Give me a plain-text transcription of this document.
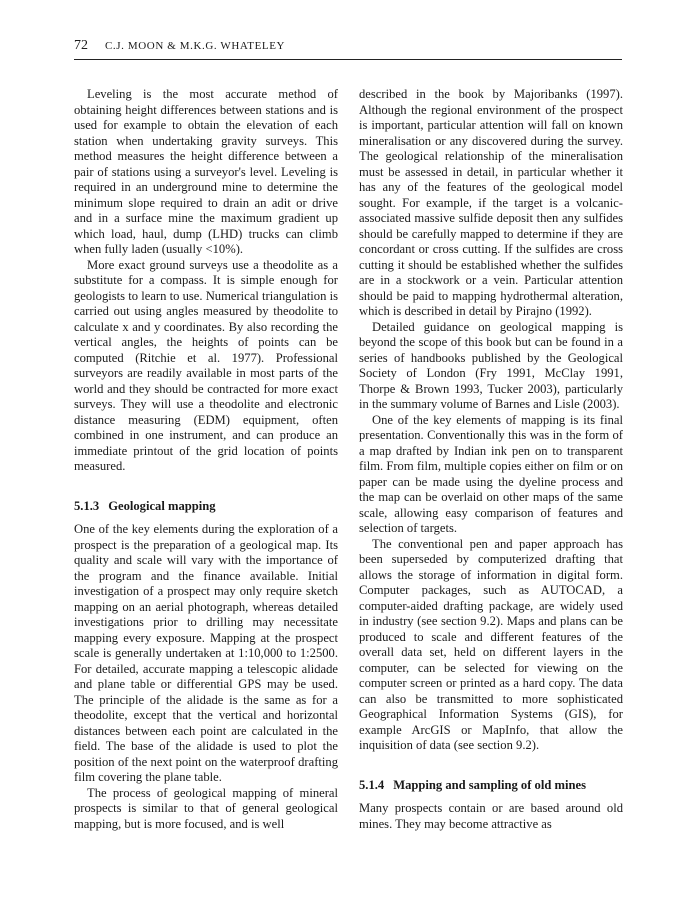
72 C.J. MOON & M.K.G. WHATELEY

Leveling is the most accurate method of obtaining height differences between stations and is used for example to obtain the elevation of each station when undertaking gravity surveys. This method measures the height difference between a pair of stations using a surveyor's level. Leveling is required in an underground mine to determine the minimum slope required to drain an adit or drive and in a surface mine the maximum gradient up which load, haul, dump (LHD) trucks can climb when fully laden (usually <10%).

More exact ground surveys use a theodolite as a substitute for a compass. It is simple enough for geologists to learn to use. Numerical triangulation is carried out using angles measured by theodolite to calculate x and y coordinates. By also recording the vertical angles, the heights of points can be computed (Ritchie et al. 1977). Professional surveyors are readily available in most parts of the world and they should be contracted for more exact surveys. They will use a theodolite and electronic distance measuring (EDM) equipment, often combined in one instrument, and can produce an immediate printout of the grid location of points measured.

5.1.3 Geological mapping

One of the key elements during the exploration of a prospect is the preparation of a geological map. Its quality and scale will vary with the importance of the program and the finance available. Initial investigation of a prospect may only require sketch mapping on an aerial photograph, whereas detailed investigations prior to drilling may necessitate mapping every exposure. Mapping at the prospect scale is generally undertaken at 1:10,000 to 1:2500. For detailed, accurate mapping a telescopic alidade and plane table or differential GPS may be used. The principle of the alidade is the same as for a theodolite, except that the vertical and horizontal distances between each point are calculated in the field. The base of the alidade is used to plot the position of the next point on the waterproof drafting film covering the plane table.

The process of geological mapping of mineral prospects is similar to that of general geological mapping, but is more focused, and is well

described in the book by Majoribanks (1997). Although the regional environment of the prospect is important, particular attention will fall on known mineralisation or any discovered during the survey. The geological relationship of the mineralisation must be assessed in detail, in particular whether it has any of the features of the geological model sought. For example, if the target is a volcanic-associated massive sulfide deposit then any sulfides should be carefully mapped to determine if they are concordant or cross cutting. If the sulfides are cross cutting it should be established whether the sulfides are in a stockwork or a vein. Particular attention should be paid to mapping hydrothermal alteration, which is described in detail by Pirajno (1992).

Detailed guidance on geological mapping is beyond the scope of this book but can be found in a series of handbooks published by the Geological Society of London (Fry 1991, McClay 1991, Thorpe & Brown 1993, Tucker 2003), particularly in the summary volume of Barnes and Lisle (2003).

One of the key elements of mapping is its final presentation. Conventionally this was in the form of a map drafted by Indian ink pen on to transparent film. From film, multiple copies either on film or on paper can be made using the dyeline process and the map can be overlaid on other maps of the same scale, allowing easy comparison of features and selection of targets.

The conventional pen and paper approach has been superseded by computerized drafting that allows the storage of information in digital form. Computer packages, such as AUTOCAD, a computer-aided drafting package, are widely used in industry (see section 9.2). Maps and plans can be produced to scale and different features of the overall data set, held on different layers in the computer, can be selected for viewing on the computer screen or printed as a hard copy. The data can also be transmitted to more sophisticated Geographical Information Systems (GIS), for example ArcGIS or MapInfo, that allow the inquisition of data (see section 9.2).

5.1.4 Mapping and sampling of old mines

Many prospects contain or are based around old mines. They may become attractive as
